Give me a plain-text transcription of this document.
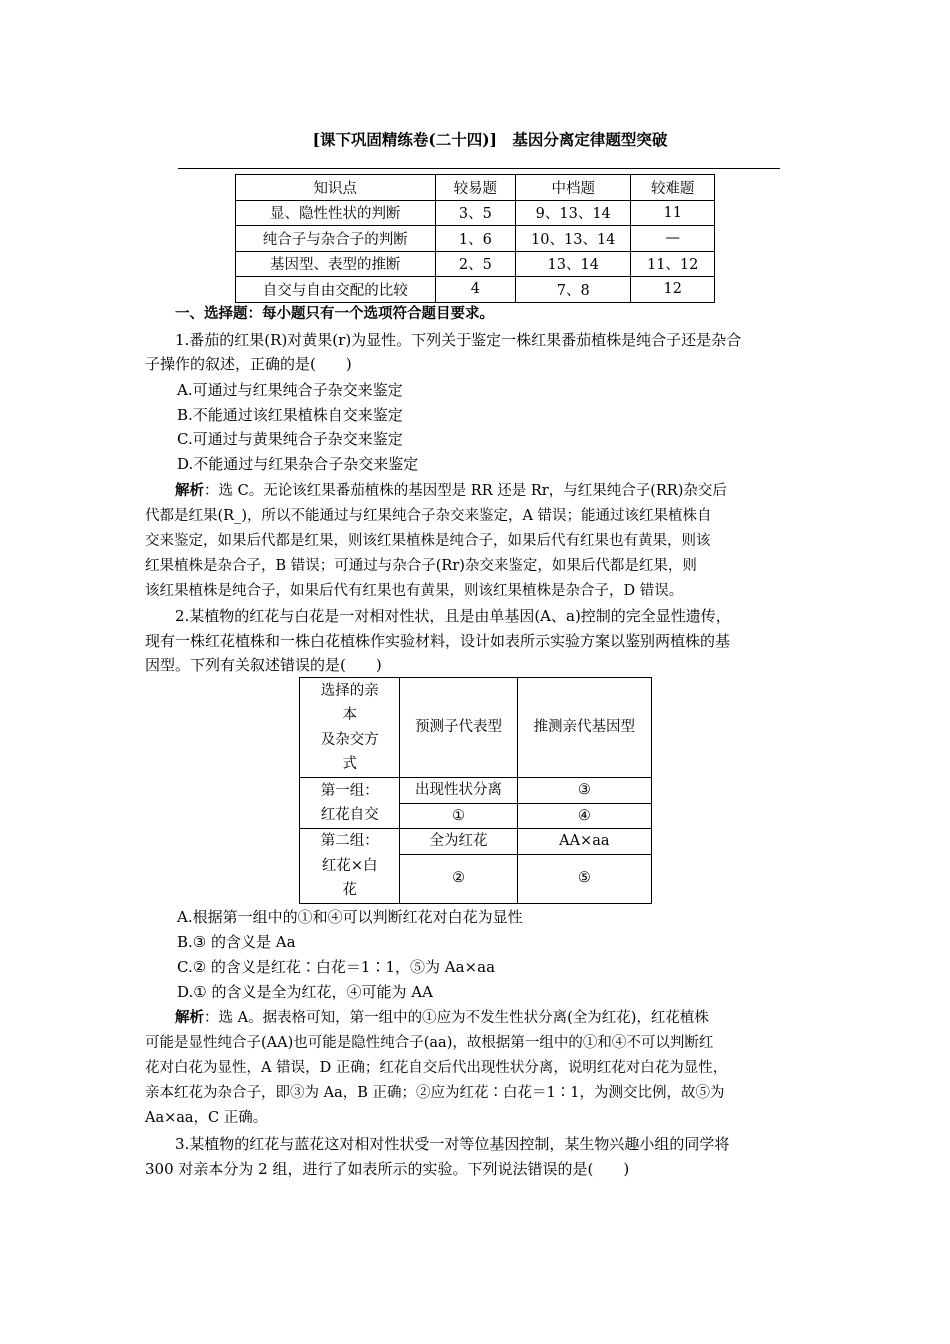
[课下巩固精练卷(二十四)]　基因分离定律题型突破
知识点	较易题	中档题	较难题
显、隐性性状的判断	3、5	9、13、14	11
纯合子与杂合子的判断	1、6	10、13、14	—
基因型、表型的推断	2、5	13、14	11、12
自交与自由交配的比较	4	7、8	12
一、选择题：每小题只有一个选项符合题目要求。
1.番茄的红果(R)对黄果(r)为显性。下列关于鉴定一株红果番茄植株是纯合子还是杂合
子操作的叙述，正确的是(　　)
A.可通过与红果纯合子杂交来鉴定
B.不能通过该红果植株自交来鉴定
C.可通过与黄果纯合子杂交来鉴定
D.不能通过与红果杂合子杂交来鉴定
解析：选 C。无论该红果番茄植株的基因型是 RR 还是 Rr，与红果纯合子(RR)杂交后
代都是红果(R_)，所以不能通过与红果纯合子杂交来鉴定，A 错误；能通过该红果植株自
交来鉴定，如果后代都是红果，则该红果植株是纯合子，如果后代有红果也有黄果，则该
红果植株是杂合子，B 错误；可通过与杂合子(Rr)杂交来鉴定，如果后代都是红果，则
该红果植株是纯合子，如果后代有红果也有黄果，则该红果植株是杂合子，D 错误。
2.某植物的红花与白花是一对相对性状，且是由单基因(A、a)控制的完全显性遗传，
现有一株红花植株和一株白花植株作实验材料，设计如表所示实验方案以鉴别两植株的基
因型。下列有关叙述错误的是(　　)
选择的亲
本
及杂交方
式	预测子代表型	推测亲代基因型

第一组：
红花自交	出现性状分离	③
	①	④

第二组：
红花×白
花	全为红花	AA×aa
	②	⑤
A.根据第一组中的①和④可以判断红花对白花为显性
B.③ 的含义是 Aa
C.② 的含义是红花∶白花＝1∶1，⑤为 Aa×aa
D.① 的含义是全为红花，④可能为 AA
解析：选 A。据表格可知，第一组中的①应为不发生性状分离(全为红花)，红花植株
可能是显性纯合子(AA)也可能是隐性纯合子(aa)，故根据第一组中的①和④不可以判断红
花对白花为显性，A 错误，D 正确；红花自交后代出现性状分离，说明红花对白花为显性，
亲本红花为杂合子，即③为 Aa，B 正确；②应为红花∶白花＝1∶1，为测交比例，故⑤为
Aa×aa，C 正确。
3.某植物的红花与蓝花这对相对性状受一对等位基因控制，某生物兴趣小组的同学将
300 对亲本分为 2 组，进行了如表所示的实验。下列说法错误的是(　　)
